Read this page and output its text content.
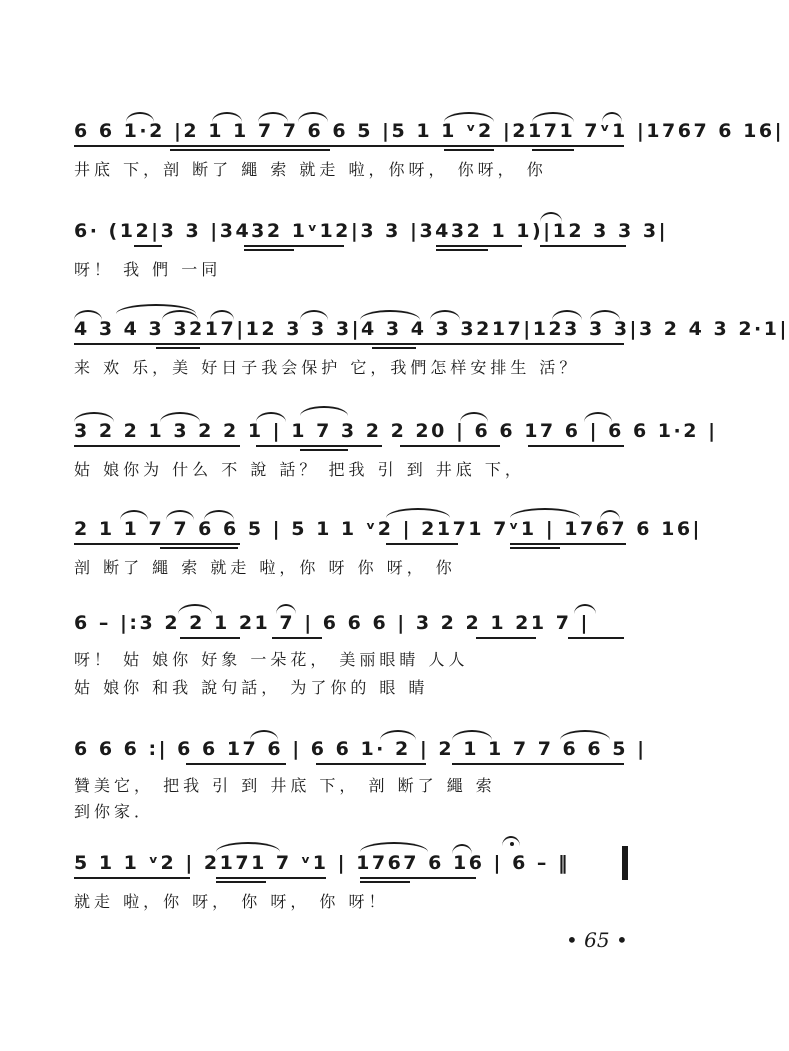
6 6 1·2 |2 1 1 7 7 6 6 5 |5 1 1 ᵛ2 |2171 7ᵛ1 |1767 6 16|
井底 下，剖 断了 繩 索 就走 啦，你呀， 你呀， 你
6· (12|3 3 |3432 1ᵛ12|3 3 |3432 1 1)|12 3 3 3|
呀！ 我 們 一同
4 3 4 3 3217|12 3 3 3|4 3 4 3 3217|123 3 3|3 2 4 3 2·1|
来 欢 乐，美 好日子我会保护 它，我們怎样安排生 活？
3 2 2 1 3 2 2 1 | 1 7 3 2 2 20 | 6 6 17 6 | 6 6 1·2 |
姑 娘你为 什么 不 說 話？ 把我 引 到 井底 下，
2 1 1 7 7 6 6 5 | 5 1 1 ᵛ2 | 2171 7ᵛ1 | 1767 6 16|
剖 断了 繩 索 就走 啦，你 呀 你 呀， 你
6 – |:3 2 2 1 21 7 | 6 6 6 | 3 2 2 1 21 7 |
呀！ 姑 娘你 好象 一朵花， 美丽眼睛 人人
姑 娘你 和我 說句話， 为了你的 眼 睛
6 6 6 :| 6 6 17 6 | 6 6 1· 2 | 2 1 1 7 7 6 6 5 |
贊美它， 把我 引 到 井底 下， 剖 断了 繩 索
到你家．
5 1 1 ᵛ2 | 2171 7 ᵛ1 | 1767 6 16 | 6 – ‖
就走 啦，你 呀， 你 呀， 你 呀！
• 65 •
